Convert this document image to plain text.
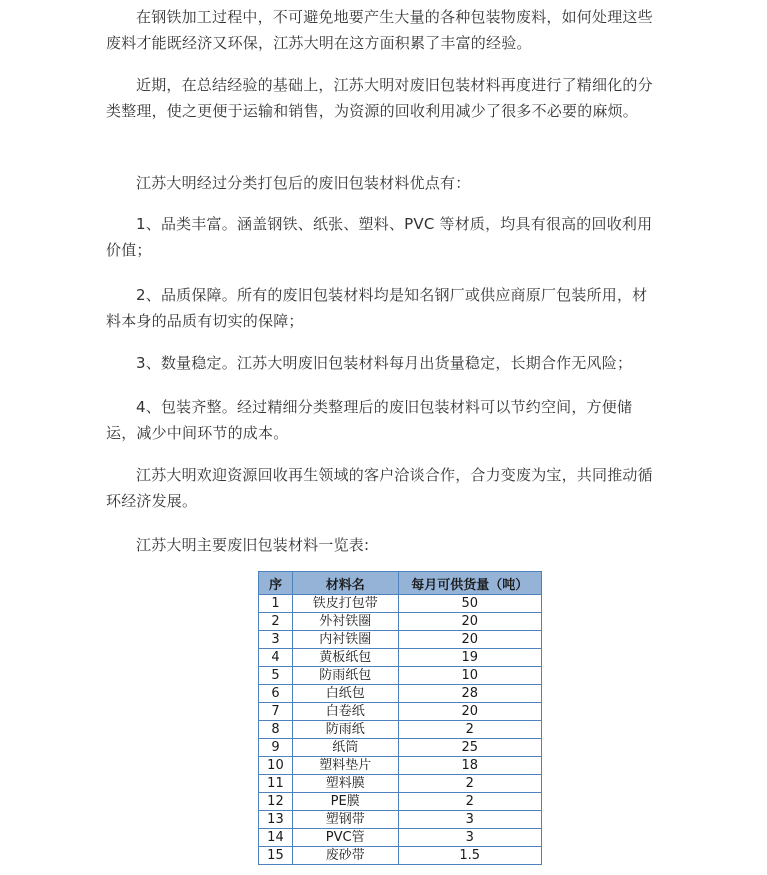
在钢铁加工过程中，不可避免地要产生大量的各种包装物废料，如何处理这些废料才能既经济又环保，江苏大明在这方面积累了丰富的经验。

近期，在总结经验的基础上，江苏大明对废旧包装材料再度进行了精细化的分类整理，使之更便于运输和销售，为资源的回收利用减少了很多不必要的麻烦。

江苏大明经过分类打包后的废旧包装材料优点有：

1、品类丰富。涵盖钢铁、纸张、塑料、PVC 等材质，均具有很高的回收利用价值；

2、品质保障。所有的废旧包装材料均是知名钢厂或供应商原厂包装所用，材料本身的品质有切实的保障；

3、数量稳定。江苏大明废旧包装材料每月出货量稳定，长期合作无风险；

4、包装齐整。经过精细分类整理后的废旧包装材料可以节约空间，方便储运，减少中间环节的成本。

江苏大明欢迎资源回收再生领域的客户洽谈合作，合力变废为宝，共同推动循环经济发展。

江苏大明主要废旧包装材料一览表:

序	材料名	每月可供货量（吨）
1	铁皮打包带	50
2	外衬铁圈	20
3	内衬铁圈	20
4	黄板纸包	19
5	防雨纸包	10
6	白纸包	28
7	白卷纸	20
8	防雨纸	2
9	纸筒	25
10	塑料垫片	18
11	塑料膜	2
12	PE膜	2
13	塑钢带	3
14	PVC管	3
15	废砂带	1.5
